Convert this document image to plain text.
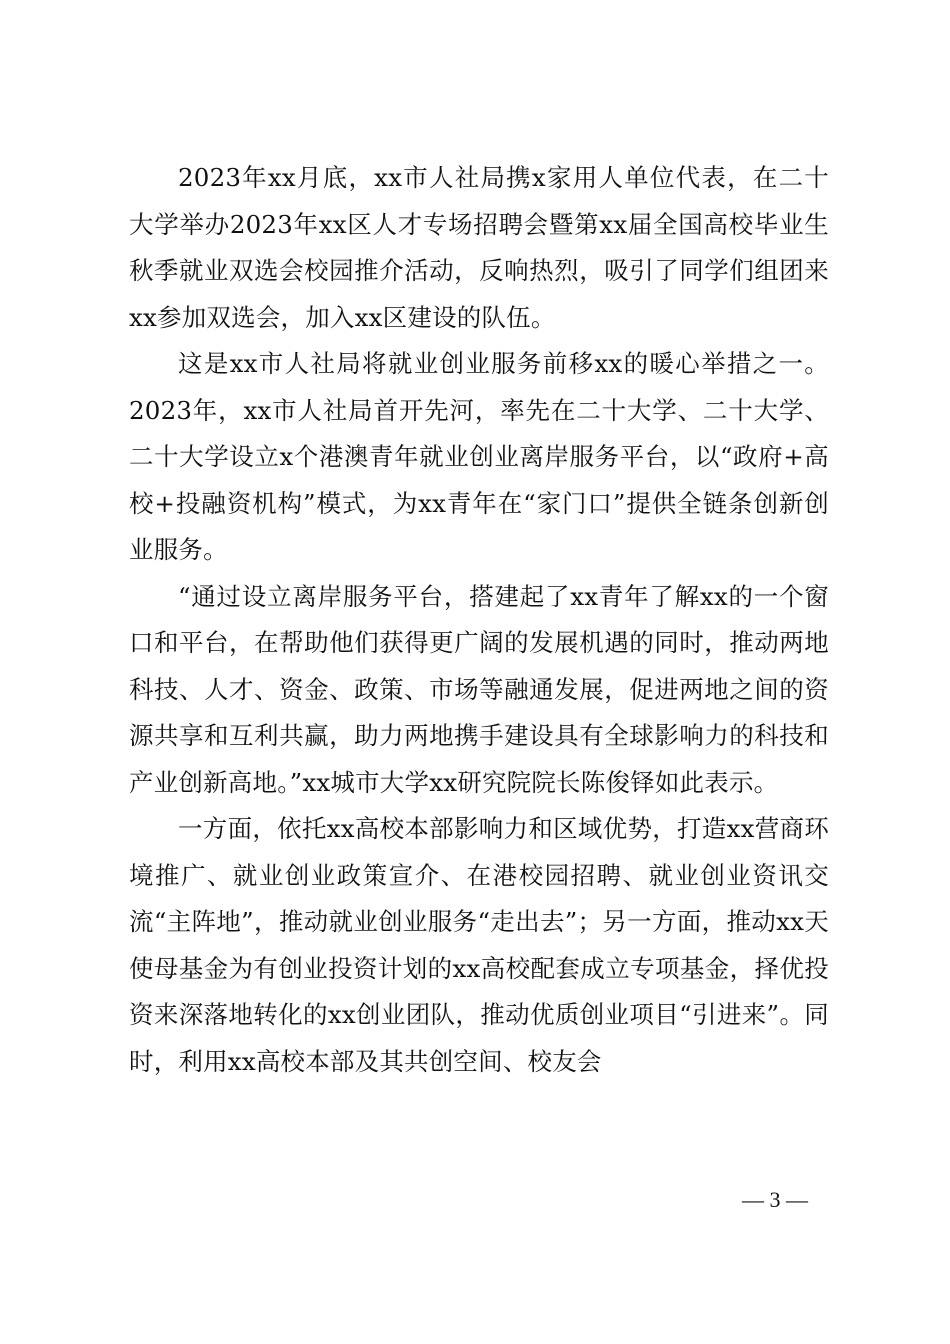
2023年xx月底，xx市人社局携x家用人单位代表，在二十大学举办2023年xx区人才专场招聘会暨第xx届全国高校毕业生秋季就业双选会校园推介活动，反响热烈，吸引了同学们组团来xx参加双选会，加入xx区建设的队伍。

这是xx市人社局将就业创业服务前移xx的暖心举措之一。2023年，xx市人社局首开先河，率先在二十大学、二十大学、二十大学设立x个港澳青年就业创业离岸服务平台，以“政府+高校+投融资机构”模式，为xx青年在“家门口”提供全链条创新创业服务。

“通过设立离岸服务平台，搭建起了xx青年了解xx的一个窗口和平台，在帮助他们获得更广阔的发展机遇的同时，推动两地科技、人才、资金、政策、市场等融通发展，促进两地之间的资源共享和互利共赢，助力两地携手建设具有全球影响力的科技和产业创新高地。”xx城市大学xx研究院院长陈俊铎如此表示。

一方面，依托xx高校本部影响力和区域优势，打造xx营商环境推广、就业创业政策宣介、在港校园招聘、就业创业资讯交流“主阵地”，推动就业创业服务“走出去”；另一方面，推动xx天使母基金为有创业投资计划的xx高校配套成立专项基金，择优投资来深落地转化的xx创业团队，推动优质创业项目“引进来”。同时，利用xx高校本部及其共创空间、校友会

— 3 —
